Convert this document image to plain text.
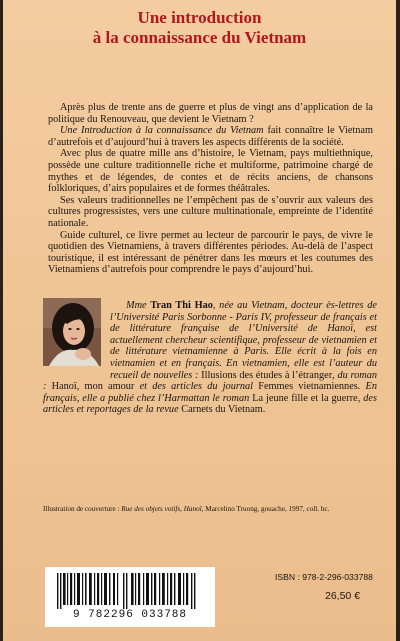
Une introduction
à la connaissance du Vietnam

Après plus de trente ans de guerre et plus de vingt ans d’application de la politique du Renouveau, que devient le Vietnam ?

Une Introduction à la connaissance du Vietnam fait connaître le Vietnam d’autrefois et d’aujourd’hui à travers les aspects différents de la société.

Avec plus de quatre mille ans d’histoire, le Vietnam, pays multiethnique, possède une culture traditionnelle riche et multiforme, patrimoine chargé de mythes et de légendes, de contes et de récits anciens, de chansons folkloriques, d’airs populaires et de formes théâtrales.

Ses valeurs traditionnelles ne l’empêchent pas de s’ouvrir aux valeurs des cultures progressistes, vers une culture multinationale, empreinte de l’identité nationale.

Guide culturel, ce livre permet au lecteur de parcourir le pays, de vivre le quotidien des Vietnamiens, à travers différentes périodes. Au-delà de l’aspect touristique, il est intéressant de pénétrer dans les mœurs et les coutumes des Vietnamiens d’autrefois pour comprendre le pays d’aujourd’hui.

Mme Tran Thi Hao, née au Vietnam, docteur ès-lettres de l’Université Paris Sorbonne - Paris IV, professeur de français et de littérature française de l’Université de Hanoï, est actuellement chercheur scientifique, professeur de vietnamien et de littérature vietnamienne à Paris. Elle écrit à la fois en vietnamien et en français. En vietnamien, elle est l’auteur du recueil de nouvelles : Illusions des études à l’étranger, du roman : Hanoï, mon amour et des articles du journal Femmes vietnamiennes. En français, elle a publié chez l’Harmattan le roman La jeune fille et la guerre, des articles et reportages de la revue Carnets du Vietnam.
Illustration de couverture : Rue des objets votifs, Hanoï, Marcelino Truong, gouache, 1997, coll. hc.
9 782296 033788
ISBN : 978-2-296-033788
26,50 €
